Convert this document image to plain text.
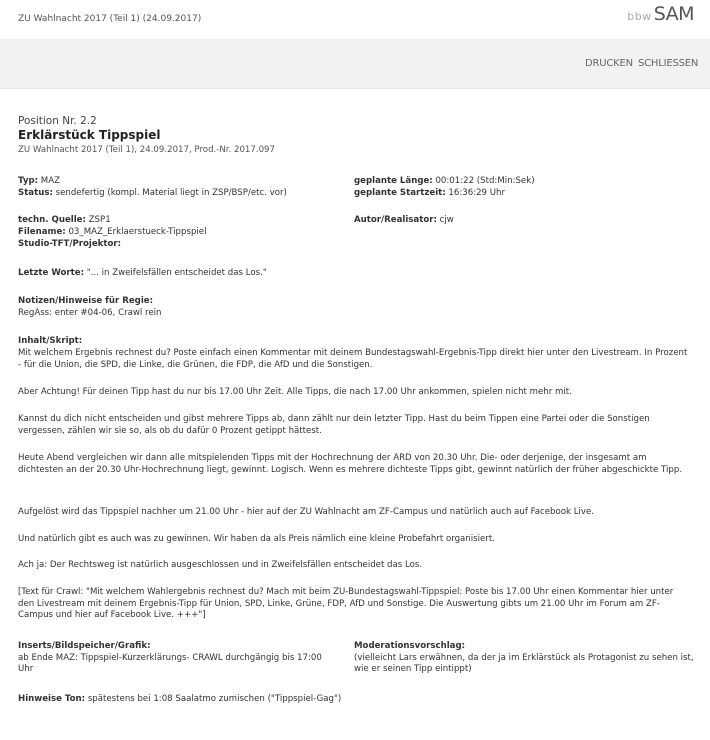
ZU Wahlnacht 2017 (Teil 1) (24.09.2017)	bbw SAM
DRUCKEN SCHLIESSEN
Position Nr. 2.2
Erklärstück Tippspiel
ZU Wahlnacht 2017 (Teil 1), 24.09.2017, Prod.-Nr. 2017.097
Typ: MAZ
Status: sendefertig (kompl. Material liegt in ZSP/BSP/etc. vor)
geplante Länge: 00:01:22 (Std:Min:Sek)
geplante Startzeit: 16:36:29 Uhr
techn. Quelle: ZSP1
Filename: 03_MAZ_Erklaerstueck-Tippspiel
Studio-TFT/Projektor:
Autor/Realisator: cjw
Letzte Worte: "... in Zweifelsfällen entscheidet das Los."
Notizen/Hinweise für Regie:
RegAss: enter #04-06, Crawl rein
Inhalt/Skript:
Mit welchem Ergebnis rechnest du? Poste einfach einen Kommentar mit deinem Bundestagswahl-Ergebnis-Tipp direkt hier unter den Livestream. In Prozent - für die Union, die SPD, die Linke, die Grünen, die FDP, die AfD und die Sonstigen.
Aber Achtung! Für deinen Tipp hast du nur bis 17.00 Uhr Zeit. Alle Tipps, die nach 17.00 Uhr ankommen, spielen nicht mehr mit.
Kannst du dich nicht entscheiden und gibst mehrere Tipps ab, dann zählt nur dein letzter Tipp. Hast du beim Tippen eine Partei oder die Sonstigen vergessen, zählen wir sie so, als ob du dafür 0 Prozent getippt hättest.
Heute Abend vergleichen wir dann alle mitspielenden Tipps mit der Hochrechnung der ARD von 20.30 Uhr. Die- oder derjenige, der insgesamt am dichtesten an der 20.30 Uhr-Hochrechnung liegt, gewinnt. Logisch. Wenn es mehrere dichteste Tipps gibt, gewinnt natürlich der früher abgeschickte Tipp.
Aufgelöst wird das Tippspiel nachher um 21.00 Uhr - hier auf der ZU Wahlnacht am ZF-Campus und natürlich auch auf Facebook Live.
Und natürlich gibt es auch was zu gewinnen. Wir haben da als Preis nämlich eine kleine Probefahrt organisiert.
Ach ja: Der Rechtsweg ist natürlich ausgeschlossen und in Zweifelsfällen entscheidet das Los.
[Text für Crawl: "Mit welchem Wahlergebnis rechnest du? Mach mit beim ZU-Bundestagswahl-Tippspiel: Poste bis 17.00 Uhr einen Kommentar hier unter den Livestream mit deinem Ergebnis-Tipp für Union, SPD, Linke, Grüne, FDP, AfD und Sonstige. Die Auswertung gibts um 21.00 Uhr im Forum am ZF-Campus und hier auf Facebook Live. +++"]
Inserts/Bildspeicher/Grafik:
ab Ende MAZ: Tippspiel-Kurzerklärungs- CRAWL durchgängig bis 17:00 Uhr
Moderationsvorschlag:
(vielleicht Lars erwähnen, da der ja im Erklärstück als Protagonist zu sehen ist, wie er seinen Tipp eintippt)
Hinweise Ton: spätestens bei 1:08 Saalatmo zumischen ("Tippspiel-Gag")
